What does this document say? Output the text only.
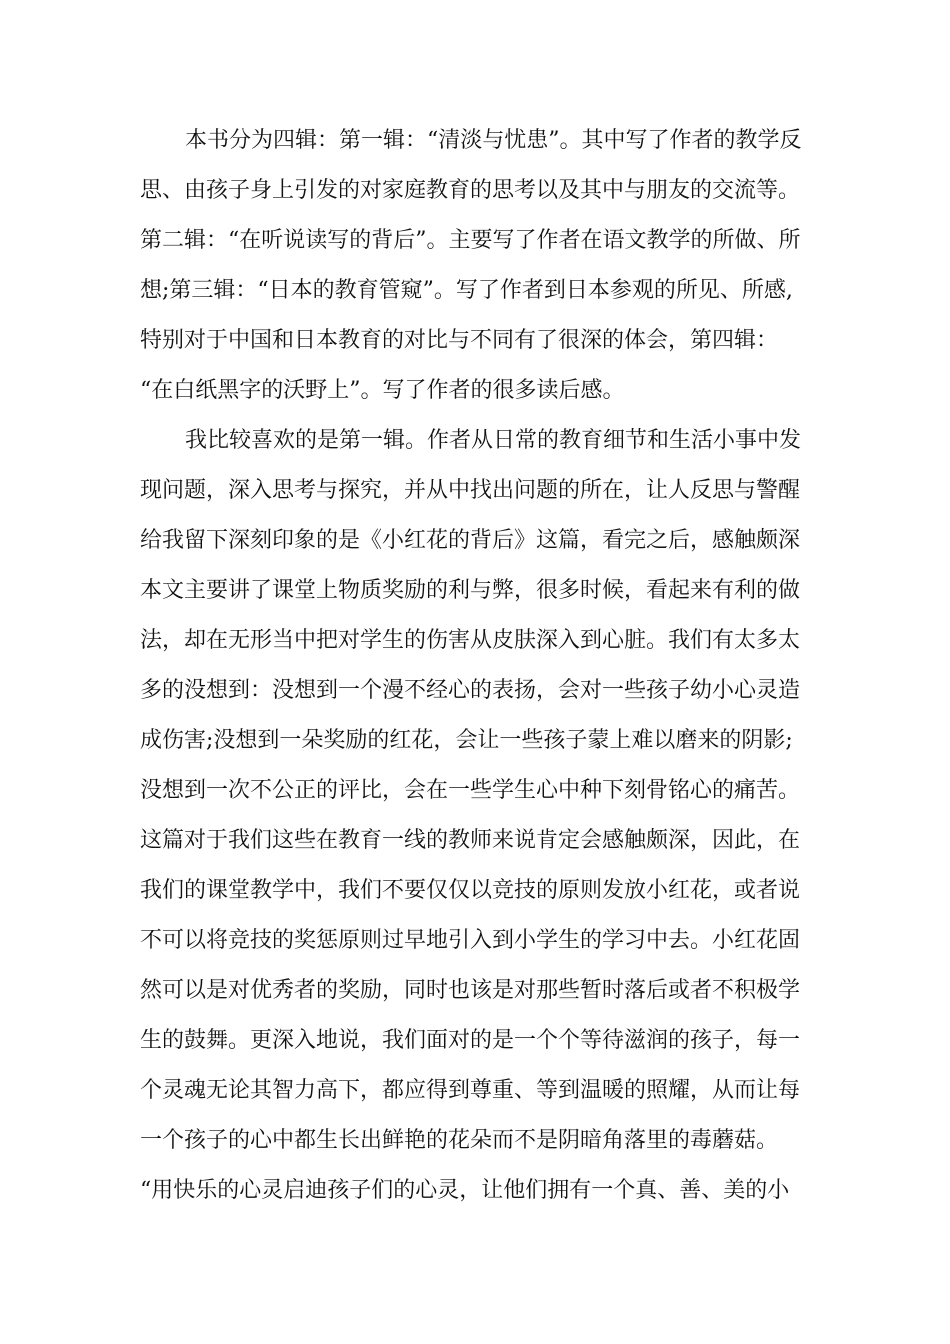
本书分为四辑：第一辑：“清淡与忧患”。其中写了作者的教学反
思、由孩子身上引发的对家庭教育的思考以及其中与朋友的交流等。
第二辑：“在听说读写的背后”。主要写了作者在语文教学的所做、所
想;第三辑：“日本的教育管窥”。写了作者到日本参观的所见、所感,
特别对于中国和日本教育的对比与不同有了很深的体会，第四辑：
“在白纸黑字的沃野上”。写了作者的很多读后感。
我比较喜欢的是第一辑。作者从日常的教育细节和生活小事中发
现问题，深入思考与探究，并从中找出问题的所在，让人反思与警醒
给我留下深刻印象的是《小红花的背后》这篇，看完之后，感触颇深
本文主要讲了课堂上物质奖励的利与弊，很多时候，看起来有利的做
法，却在无形当中把对学生的伤害从皮肤深入到心脏。我们有太多太
多的没想到：没想到一个漫不经心的表扬，会对一些孩子幼小心灵造
成伤害;没想到一朵奖励的红花，会让一些孩子蒙上难以磨来的阴影;
没想到一次不公正的评比，会在一些学生心中种下刻骨铭心的痛苦。
这篇对于我们这些在教育一线的教师来说肯定会感触颇深，因此，在
我们的课堂教学中，我们不要仅仅以竞技的原则发放小红花，或者说
不可以将竞技的奖惩原则过早地引入到小学生的学习中去。小红花固
然可以是对优秀者的奖励，同时也该是对那些暂时落后或者不积极学
生的鼓舞。更深入地说，我们面对的是一个个等待滋润的孩子，每一
个灵魂无论其智力高下，都应得到尊重、等到温暖的照耀，从而让每
一个孩子的心中都生长出鲜艳的花朵而不是阴暗角落里的毒蘑菇。
“用快乐的心灵启迪孩子们的心灵，让他们拥有一个真、善、美的小
